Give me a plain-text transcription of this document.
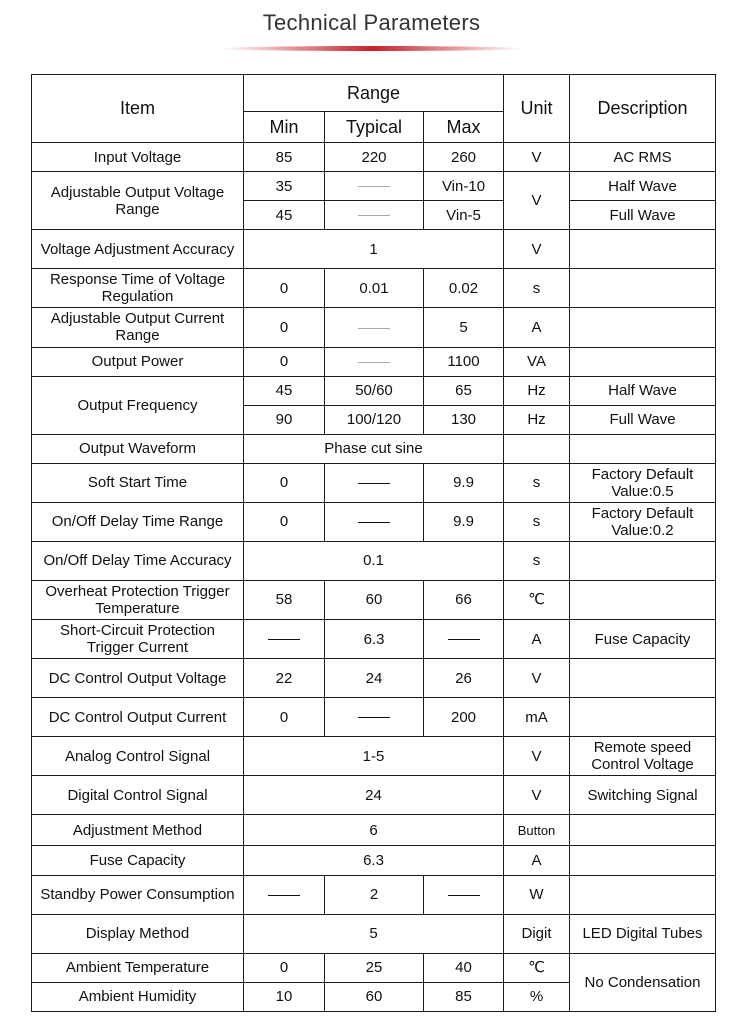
Technical Parameters
Item	Range			Unit	Description
	Min	Typical	Max		
Input Voltage	85	220	260	V	AC RMS
Adjustable Output Voltage Range	35		Vin-10	V	Half Wave
	45		Vin-5		Full Wave
Voltage Adjustment Accuracy	1			V	
Response Time of Voltage Regulation	0	0.01	0.02	s	
Adjustable Output Current Range	0		5	A	
Output Power	0		1100	VA	
Output Frequency	45	50/60	65	Hz	Half Wave
	90	100/120	130	Hz	Full Wave
Output Waveform	Phase cut sine				
Soft Start Time	0		9.9	s	Factory Default Value:0.5
On/Off Delay Time Range	0		9.9	s	Factory Default Value:0.2
On/Off Delay Time Accuracy	0.1			s	
Overheat Protection Trigger Temperature	58	60	66	℃	
Short-Circuit Protection Trigger Current		6.3		A	Fuse Capacity
DC Control Output Voltage	22	24	26	V	
DC Control Output Current	0		200	mA	
Analog Control Signal	1-5			V	Remote speed Control Voltage
Digital Control Signal	24			V	Switching Signal
Adjustment Method	6			Button	
Fuse Capacity	6.3			A	
Standby Power Consumption		2		W	
Display Method	5			Digit	LED Digital Tubes
Ambient Temperature	0	25	40	℃	No Condensation
Ambient Humidity	10	60	85	%	
